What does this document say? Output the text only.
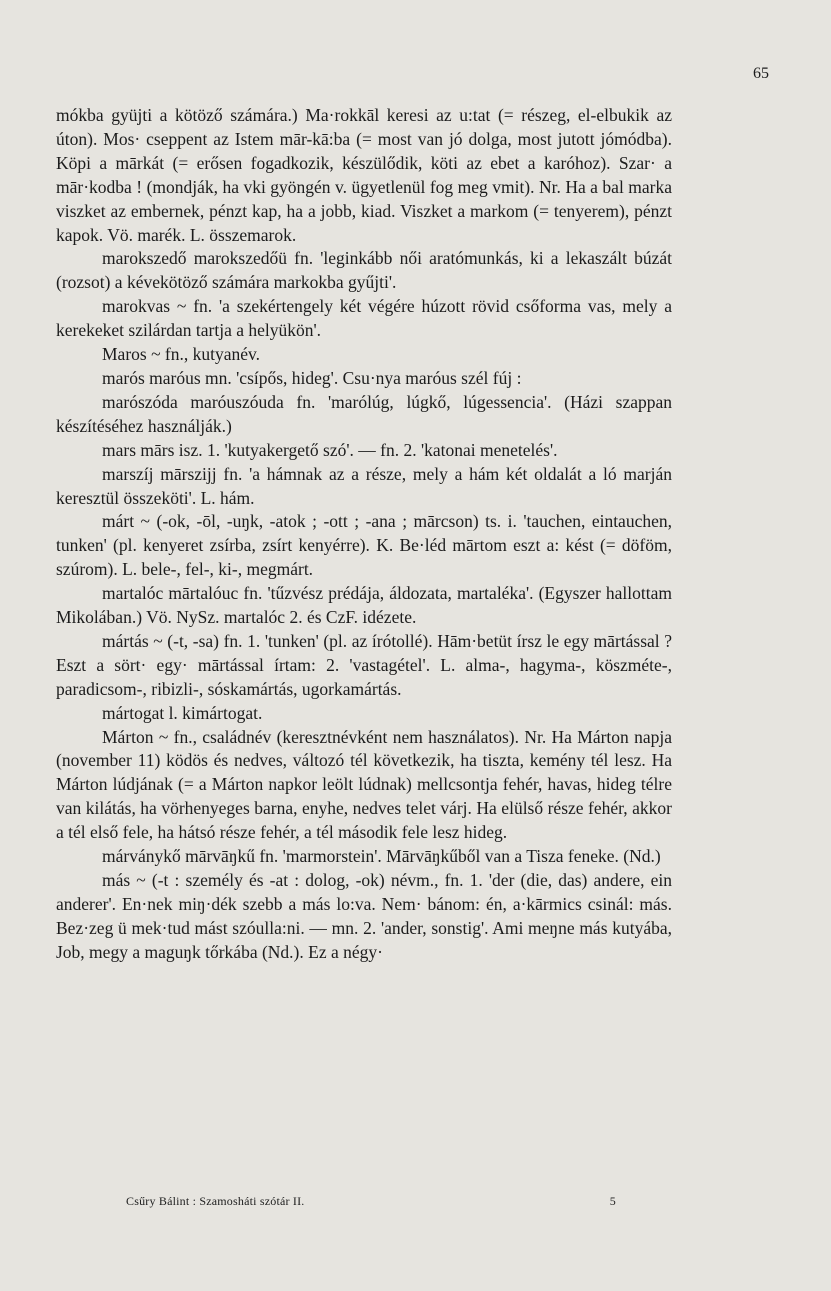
65

mókba gyüjti a kötöző számára.) Ma·rokkāl keresi az u:tat (= részeg, el-elbukik az úton). Mos· cseppent az Istem mār-kā:ba (= most van jó dolga, most jutott jómódba). Köpi a mārkát (= erősen fogadkozik, készülődik, köti az ebet a karóhoz). Szar· a mār·kodba ! (mondják, ha vki gyöngén v. ügyetlenül fog meg vmit). Nr. Ha a bal marka viszket az embernek, pénzt kap, ha a jobb, kiad. Viszket a markom (= tenyerem), pénzt kapok. Vö. marék. L. összemarok.

marokszedő marokszedőü fn. 'leginkább női aratómunkás, ki a lekaszált búzát (rozsot) a kévekötöző számára markokba gyűjti'.

marokvas ~ fn. 'a szekértengely két végére húzott rövid csőforma vas, mely a kerekeket szilárdan tartja a helyükön'.

Maros ~ fn., kutyanév.

marós maróus mn. 'csípős, hideg'. Csu·nya maróus szél fúj :

marószóda maróuszóuda fn. 'marólúg, lúgkő, lúgessencia'. (Házi szappan készítéséhez használják.)

mars mārs isz. 1. 'kutyakergető szó'. — fn. 2. 'katonai menetelés'.

marszíj mārszijj fn. 'a hámnak az a része, mely a hám két oldalát a ló marján keresztül összeköti'. L. hám.

márt ~ (-ok, -ōl, -uŋk, -atok ; -ott ; -ana ; mārcson) ts. i. 'tauchen, eintauchen, tunken' (pl. kenyeret zsírba, zsírt kenyérre). K. Be·léd mārtom eszt a: kést (= döföm, szúrom). L. bele-, fel-, ki-, megmárt.

martalóc mārtalóuc fn. 'tűzvész prédája, áldozata, martaléka'. (Egyszer hallottam Mikolában.) Vö. NySz. martalóc 2. és CzF. idézete.

mártás ~ (-t, -sa) fn. 1. 'tunken' (pl. az írótollé). Hām·betüt írsz le egy mārtással ? Eszt a sört· egy· mārtással írtam: 2. 'vastagétel'. L. alma-, hagyma-, köszméte-, paradicsom-, ribizli-, sóskamártás, ugorkamártás.

mártogat l. kimártogat.

Márton ~ fn., családnév (keresztnévként nem használatos). Nr. Ha Márton napja (november 11) ködös és nedves, változó tél következik, ha tiszta, kemény tél lesz. Ha Márton lúdjának (= a Márton napkor leölt lúdnak) mellcsontja fehér, havas, hideg télre van kilátás, ha vörhenyeges barna, enyhe, nedves telet várj. Ha elülső része fehér, akkor a tél első fele, ha hátsó része fehér, a tél második fele lesz hideg.

márványkő mārvāŋkű fn. 'marmorstein'. Mārvāŋkűből van a Tisza feneke. (Nd.)

más ~ (-t : személy és -at : dolog, -ok) névm., fn. 1. 'der (die, das) andere, ein anderer'. En·nek miŋ·dék szebb a más lo:va. Nem· bánom: én, a·kārmics csinál: más. Bez·zeg ü mek·tud mást szóulla:ni. — mn. 2. 'ander, sonstig'. Ami meŋne más kutyába, Job, megy a maguŋk tőrkába (Nd.). Ez a négy·

Csűry Bálint : Szamosháti szótár II.	5
